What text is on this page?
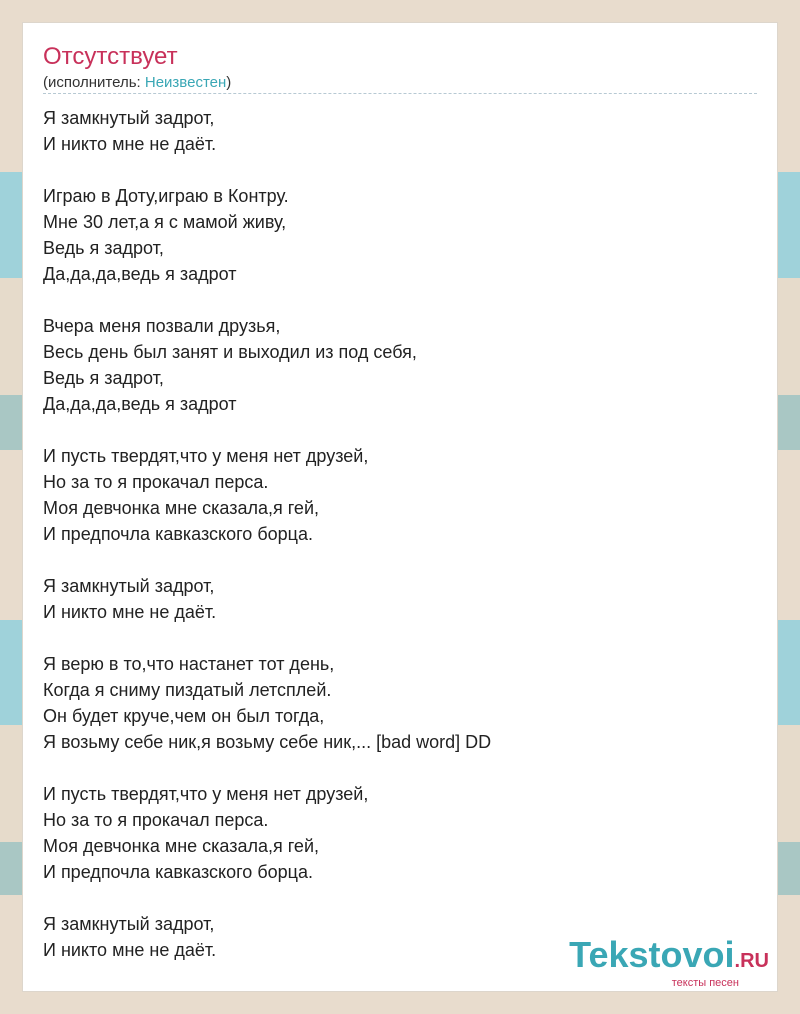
Отсутствует
(исполнитель: Неизвестен)
Я замкнутый задрот,
И никто мне не даёт.
Играю в Доту,играю в Контру.
Мне 30 лет,а я с мамой живу,
Ведь я задрот,
Да,да,да,ведь я задрот
Вчера меня позвали друзья,
Весь день был занят и выходил из под себя,
Ведь я задрот,
Да,да,да,ведь я задрот
И пусть твердят,что у меня нет друзей,
Но за то я прокачал перса.
Моя девчонка мне сказала,я гей,
И предпочла кавказского борца.
Я замкнутый задрот,
И никто мне не даёт.
Я верю в то,что настанет тот день,
Когда я сниму пиздатый летсплей.
Он будет круче,чем он был тогда,
Я возьму себе ник,я возьму себе ник,... [bad word] DD
И пусть твердят,что у меня нет друзей,
Но за то я прокачал перса.
Моя девчонка мне сказала,я гей,
И предпочла кавказского борца.
Я замкнутый задрот,
И никто мне не даёт.	Tekstovoi.RU
тексты песен
